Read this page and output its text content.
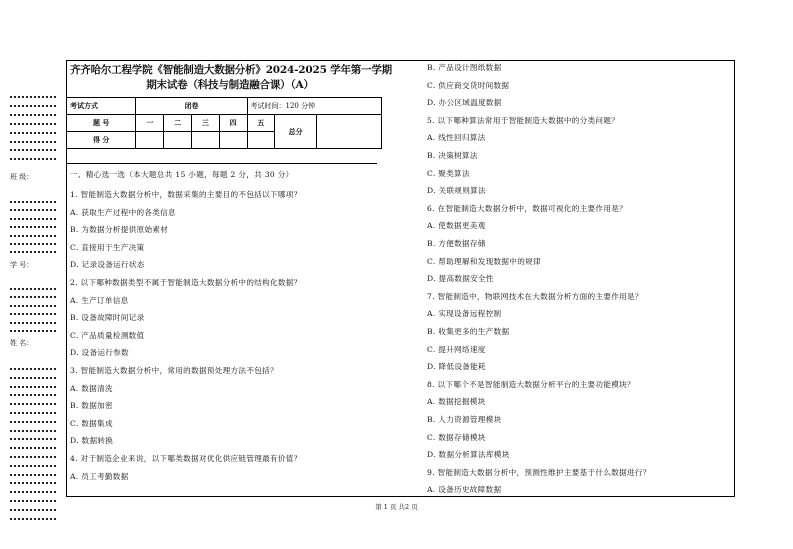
齐齐哈尔工程学院《智能制造大数据分析》2024-2025 学年第一学期
期末试卷（科技与制造融合课）（A）
考试方式	闭卷				考试时间：120 分钟		
题 号	一	二	三	四	五	总分	
得 分							
班 级：
学 号：
姓 名：
一、精心选一选（本大题总共 15 小题，每题 2 分，共 30 分）
1. 智能制造大数据分析中，数据采集的主要目的不包括以下哪项？
A. 获取生产过程中的各类信息
B. 为数据分析提供原始素材
C. 直接用于生产决策
D. 记录设备运行状态
2. 以下哪种数据类型不属于智能制造大数据分析中的结构化数据？
A. 生产订单信息
B. 设备故障时间记录
C. 产品质量检测数值
D. 设备运行参数
3. 智能制造大数据分析中，常用的数据预处理方法不包括？
A. 数据清洗
B. 数据加密
C. 数据集成
D. 数据转换
4. 对于制造企业来说，以下哪类数据对优化供应链管理最有价值？
A. 员工考勤数据
B. 产品设计图纸数据
C. 供应商交货时间数据
D. 办公区域温度数据
5. 以下哪种算法常用于智能制造大数据中的分类问题？
A. 线性回归算法
B. 决策树算法
C. 聚类算法
D. 关联规则算法
6. 在智能制造大数据分析中，数据可视化的主要作用是？
A. 使数据更美观
B. 方便数据存储
C. 帮助理解和发现数据中的规律
D. 提高数据安全性
7. 智能制造中，物联网技术在大数据分析方面的主要作用是？
A. 实现设备远程控制
B. 收集更多的生产数据
C. 提升网络速度
D. 降低设备能耗
8. 以下哪个不是智能制造大数据分析平台的主要功能模块？
A. 数据挖掘模块
B. 人力资源管理模块
C. 数据存储模块
D. 数据分析算法库模块
9. 智能制造大数据分析中，预测性维护主要基于什么数据进行？
A. 设备历史故障数据
第 1 页 共2 页
